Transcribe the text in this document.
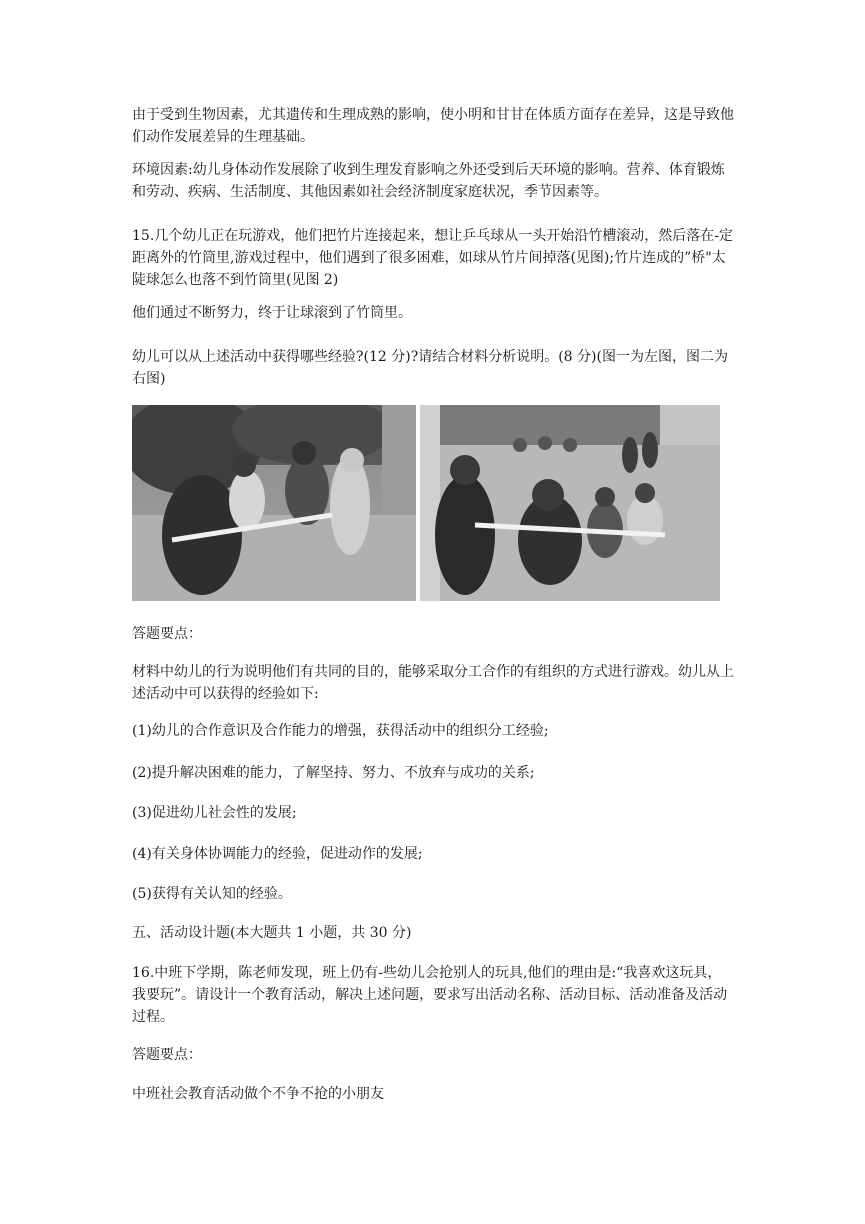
由于受到生物因素，尤其遗传和生理成熟的影响，使小明和甘甘在体质方面存在差异，这是导致他们动作发展差异的生理基础。

环境因素:幼儿身体动作发展除了收到生理发育影响之外还受到后天环境的影响。营养、体育锻炼和劳动、疾病、生活制度、其他因素如社会经济制度家庭状况，季节因素等。

15.几个幼儿正在玩游戏，他们把竹片连接起来，想让乒乓球从一头开始沿竹槽滚动，然后落在-定距离外的竹筒里,游戏过程中，他们遇到了很多困难，如球从竹片间掉落(见图);竹片连成的”桥"太陡球怎么也落不到竹筒里(见图 2)

他们通过不断努力，终于让球滚到了竹筒里。

幼儿可以从上述活动中获得哪些经验?(12 分)?请结合材料分析说明。(8 分)(图一为左图，图二为右图)

答题要点：

材料中幼儿的行为说明他们有共同的目的，能够采取分工合作的有组织的方式进行游戏。幼儿从上述活动中可以获得的经验如下:

(1)幼儿的合作意识及合作能力的增强，获得活动中的组织分工经验;

(2)提升解决困难的能力，了解坚持、努力、不放弃与成功的关系;

(3)促进幼儿社会性的发展;

(4)有关身体协调能力的经验，促进动作的发展;

(5)获得有关认知的经验。

五、活动设计题(本大题共 1 小题，共 30 分)

16.中班下学期，陈老师发现，班上仍有-些幼儿会抢别人的玩具,他们的理由是:“我喜欢这玩具，我要玩”。请设计一个教育活动，解决上述问题，要求写出活动名称、活动目标、活动准备及活动过程。

答题要点：

中班社会教育活动做个不争不抢的小朋友
